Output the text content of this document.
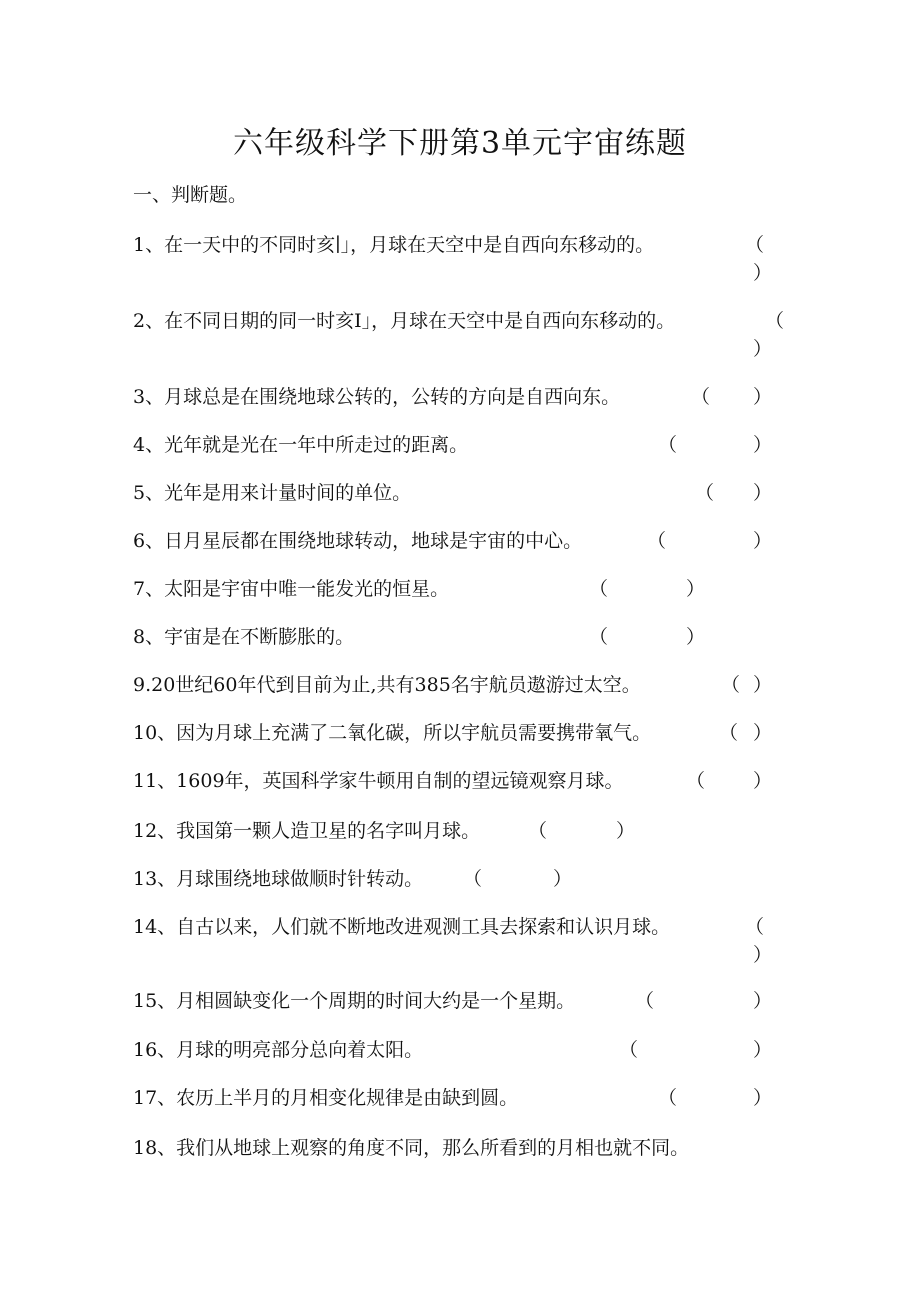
六年级科学下册第3单元宇宙练题
一、判断题。
1、在一天中的不同时亥∣」，月球在天空中是自西向东移动的。	（
）
2、在不同日期的同一时亥I」，月球在天空中是自西向东移动的。	（
）
3、月球总是在围绕地球公转的，公转的方向是自西向东。	（ ）
4、光年就是光在一年中所走过的距离。	（	）
5、光年是用来计量时间的单位。	（ ）
6、日月星辰都在围绕地球转动，地球是宇宙的中心。	（	）
7、太阳是宇宙中唯一能发光的恒星。	（	）
8、宇宙是在不断膨胀的。	（	）
9.20世纪60年代到目前为止,共有385名宇航员遨游过太空。	（ ）
10、因为月球上充满了二氧化碳，所以宇航员需要携带氧气。	（ ）
11、1609年，英国科学家牛顿用自制的望远镜观察月球。	（	）
12、我国第一颗人造卫星的名字叫月球。	（	）
13、月球围绕地球做顺时针转动。 （	）
14、自古以来，人们就不断地改进观测工具去探索和认识月球。	（
）
15、月相圆缺变化一个周期的时间大约是一个星期。	（	）
16、月球的明亮部分总向着太阳。	（	）
17、农历上半月的月相变化规律是由缺到圆。	（	）
18、我们从地球上观察的角度不同，那么所看到的月相也就不同。
